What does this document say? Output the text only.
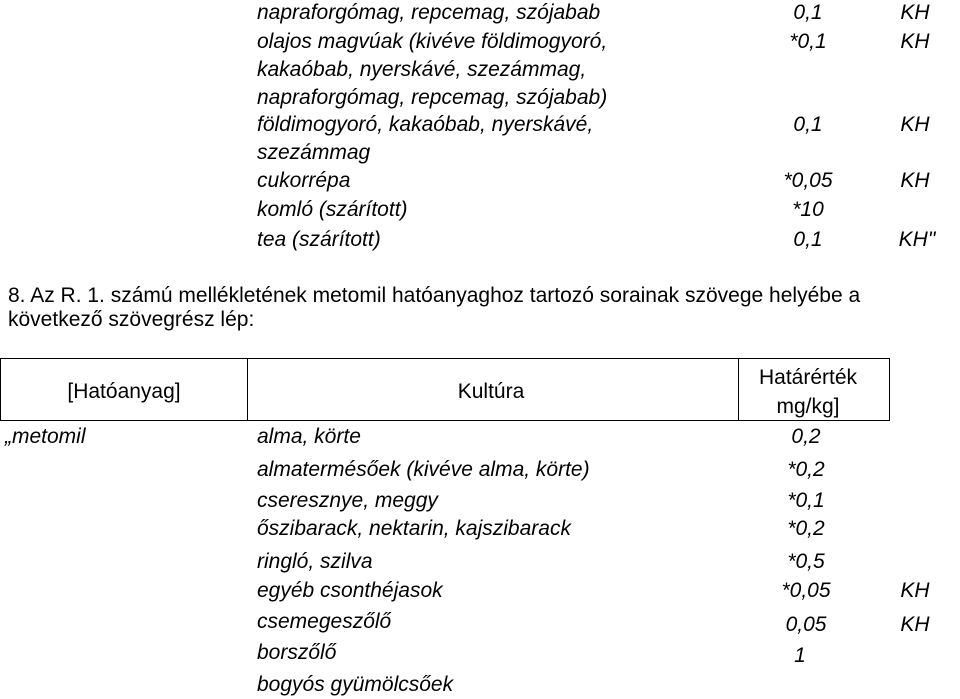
napraforgómag, repcemag, szójabab	0,1	KH
olajos magvúak (kivéve földimogyoró,	*0,1	KH
kakaóbab, nyerskávé, szezámmag,
napraforgómag, repcemag, szójabab)
földimogyoró, kakaóbab, nyerskávé,	0,1	KH
szezámmag
cukorrépa	*0,05	KH
komló (szárított)	*10
tea (szárított)	0,1	KH"
8. Az R. 1. számú mellékletének metomil hatóanyaghoz tartozó sorainak szövege helyébe a
következő szövegrész lép:
[Hatóanyag]	Kultúra
Határérték
mg/kg]
„metomil	alma, körte	0,2
almatermésőek (kivéve alma, körte)	*0,2
cseresznye, meggy	*0,1
őszibarack, nektarin, kajszibarack	*0,2
ringló, szilva	*0,5
egyéb csonthéjasok	*0,05	KH
csemegeszőlő	0,05	KH
borszőlő	1
bogyós gyümölcsőek
